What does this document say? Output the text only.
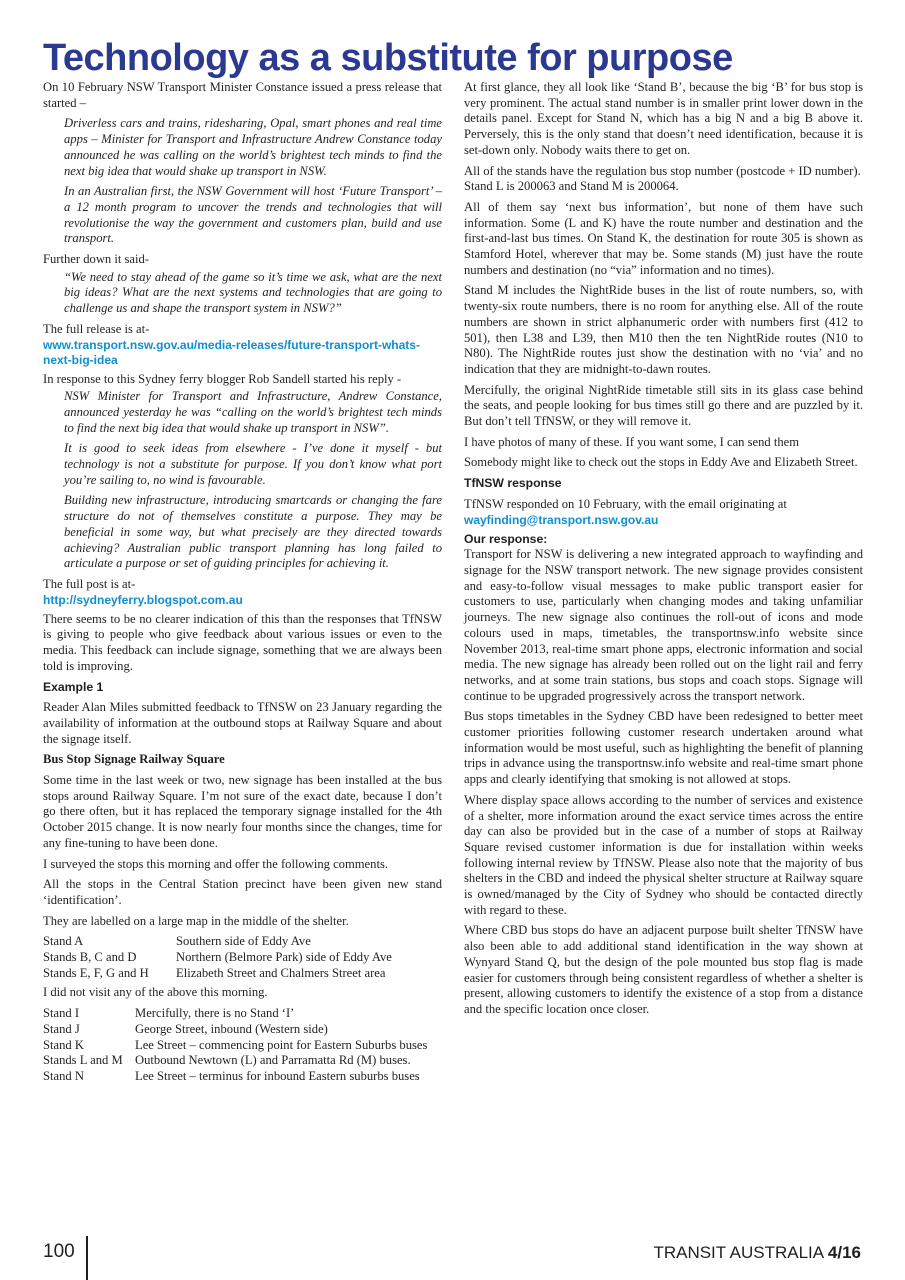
Technology as a substitute for purpose

On 10 February NSW Transport Minister Constance issued a press release that started –

Driverless cars and trains, ridesharing, Opal, smart phones and real time apps – Minister for Transport and Infrastructure Andrew Constance today announced he was calling on the world’s brightest tech minds to find the next big idea that would shake up transport in NSW.

In an Australian first, the NSW Government will host ‘Future Transport’ – a 12 month program to uncover the trends and technologies that will revolutionise the way the government and customers plan, build and use transport.

Further down it said-

“We need to stay ahead of the game so it’s time we ask, what are the next big ideas? What are the next systems and technologies that are going to challenge us and shape the transport system in NSW?”

The full release is at-

www.transport.nsw.gov.au/media-releases/future-transport-whats-next-big-idea

In response to this Sydney ferry blogger Rob Sandell started his reply -

NSW Minister for Transport and Infrastructure, Andrew Constance, announced yesterday he was “calling on the world’s brightest tech minds to find the next big idea that would shake up transport in NSW”.

It is good to seek ideas from elsewhere - I’ve done it myself - but technology is not a substitute for purpose. If you don’t know what port you’re sailing to, no wind is favourable.

Building new infrastructure, introducing smartcards or changing the fare structure do not of themselves constitute a purpose. They may be beneficial in some way, but what precisely are they directed towards achieving? Australian public transport planning has long failed to articulate a purpose or set of guiding principles for achieving it.

The full post is at-

http://sydneyferry.blogspot.com.au

There seems to be no clearer indication of this than the responses that TfNSW is giving to people who give feedback about various issues or even to the media. This feedback can include signage, something that we are always been told is improving.

Example 1

Reader Alan Miles submitted feedback to TfNSW on 23 January regarding the availability of information at the outbound stops at Railway Square and about the signage itself.

Bus Stop Signage Railway Square

Some time in the last week or two, new signage has been installed at the bus stops around Railway Square. I’m not sure of the exact date, because I don’t go there often, but it has replaced the temporary signage installed for the 4th October 2015 change. It is now nearly four months since the changes, time for any fine-tuning to have been done.

I surveyed the stops this morning and offer the following comments.

All the stops in the Central Station precinct have been given new stand ‘identification’.

They are labelled on a large map in the middle of the shelter.

Stand A	Southern side of Eddy Ave
Stands B, C and D	Northern (Belmore Park) side of Eddy Ave
Stands E, F, G and H	Elizabeth Street and Chalmers Street area

I did not visit any of the above this morning.

Stand I	Mercifully, there is no Stand ‘I’
Stand J	George Street, inbound (Western side)
Stand K	Lee Street – commencing point for Eastern Suburbs buses
Stands L and M	Outbound Newtown (L) and Parramatta Rd (M) buses.
Stand N	Lee Street – terminus for inbound Eastern suburbs buses

At first glance, they all look like ‘Stand B’, because the big ‘B’ for bus stop is very prominent. The actual stand number is in smaller print lower down in the details panel. Except for Stand N, which has a big N and a big B above it. Perversely, this is the only stand that doesn’t need identification, because it is set-down only. Nobody waits there to get on.

All of the stands have the regulation bus stop number (postcode + ID number).

Stand L is 200063 and Stand M is 200064.

All of them say ‘next bus information’, but none of them have such information. Some (L and K) have the route number and destination and the first-and-last bus times. On Stand K, the destination for route 305 is shown as Stamford Hotel, wherever that may be. Some stands (M) just have the route numbers and destination (no “via” information and no times).

Stand M includes the NightRide buses in the list of route numbers, so, with twenty-six route numbers, there is no room for anything else. All of the route numbers are shown in strict alphanumeric order with numbers first (412 to 501), then L38 and L39, then M10 then the ten NightRide routes (N10 to N80). The NightRide routes just show the destination with no ‘via’ and no indication that they are midnight-to-dawn routes.

Mercifully, the original NightRide timetable still sits in its glass case behind the seats, and people looking for bus times still go there and are puzzled by it. But don’t tell TfNSW, or they will remove it.

I have photos of many of these. If you want some, I can send them

Somebody might like to check out the stops in Eddy Ave and Elizabeth Street.

TfNSW response

TfNSW responded on 10 February, with the email originating at

wayfinding@transport.nsw.gov.au

Our response:

Transport for NSW is delivering a new integrated approach to wayfinding and signage for the NSW transport network. The new signage provides consistent and easy-to-follow visual messages to make public transport easier for customers to use, particularly when changing modes and taking unfamiliar journeys. The new signage also continues the roll-out of icons and mode colours used in maps, timetables, the transportnsw.info website since November 2013, real-time smart phone apps, electronic information and social media. The new signage has already been rolled out on the light rail and ferry networks, and at some train stations, bus stops and coach stops. Signage will continue to be upgraded progressively across the transport network.

Bus stops timetables in the Sydney CBD have been redesigned to better meet customer priorities following customer research undertaken around what information would be most useful, such as highlighting the benefit of planning trips in advance using the transportnsw.info website and real-time smart phone apps and clearly identifying that smoking is not allowed at stops.

Where display space allows according to the number of services and existence of a shelter, more information around the exact service times across the entire day can also be provided but in the case of a number of stops at Railway Square revised customer information is due for installation within weeks following internal review by TfNSW. Please also note that the majority of bus shelters in the CBD and indeed the physical shelter structure at Railway square is owned/managed by the City of Sydney who should be contacted directly with regard to these.

Where CBD bus stops do have an adjacent purpose built shelter TfNSW have also been able to add additional stand identification in the way shown at Wynyard Stand Q, but the design of the pole mounted bus stop flag is made easier for customers through being consistent regardless of whether a shelter is present, allowing customers to identify the existence of a stop from a distance and the specific location once closer.

100	TRANSIT AUSTRALIA 4/16
